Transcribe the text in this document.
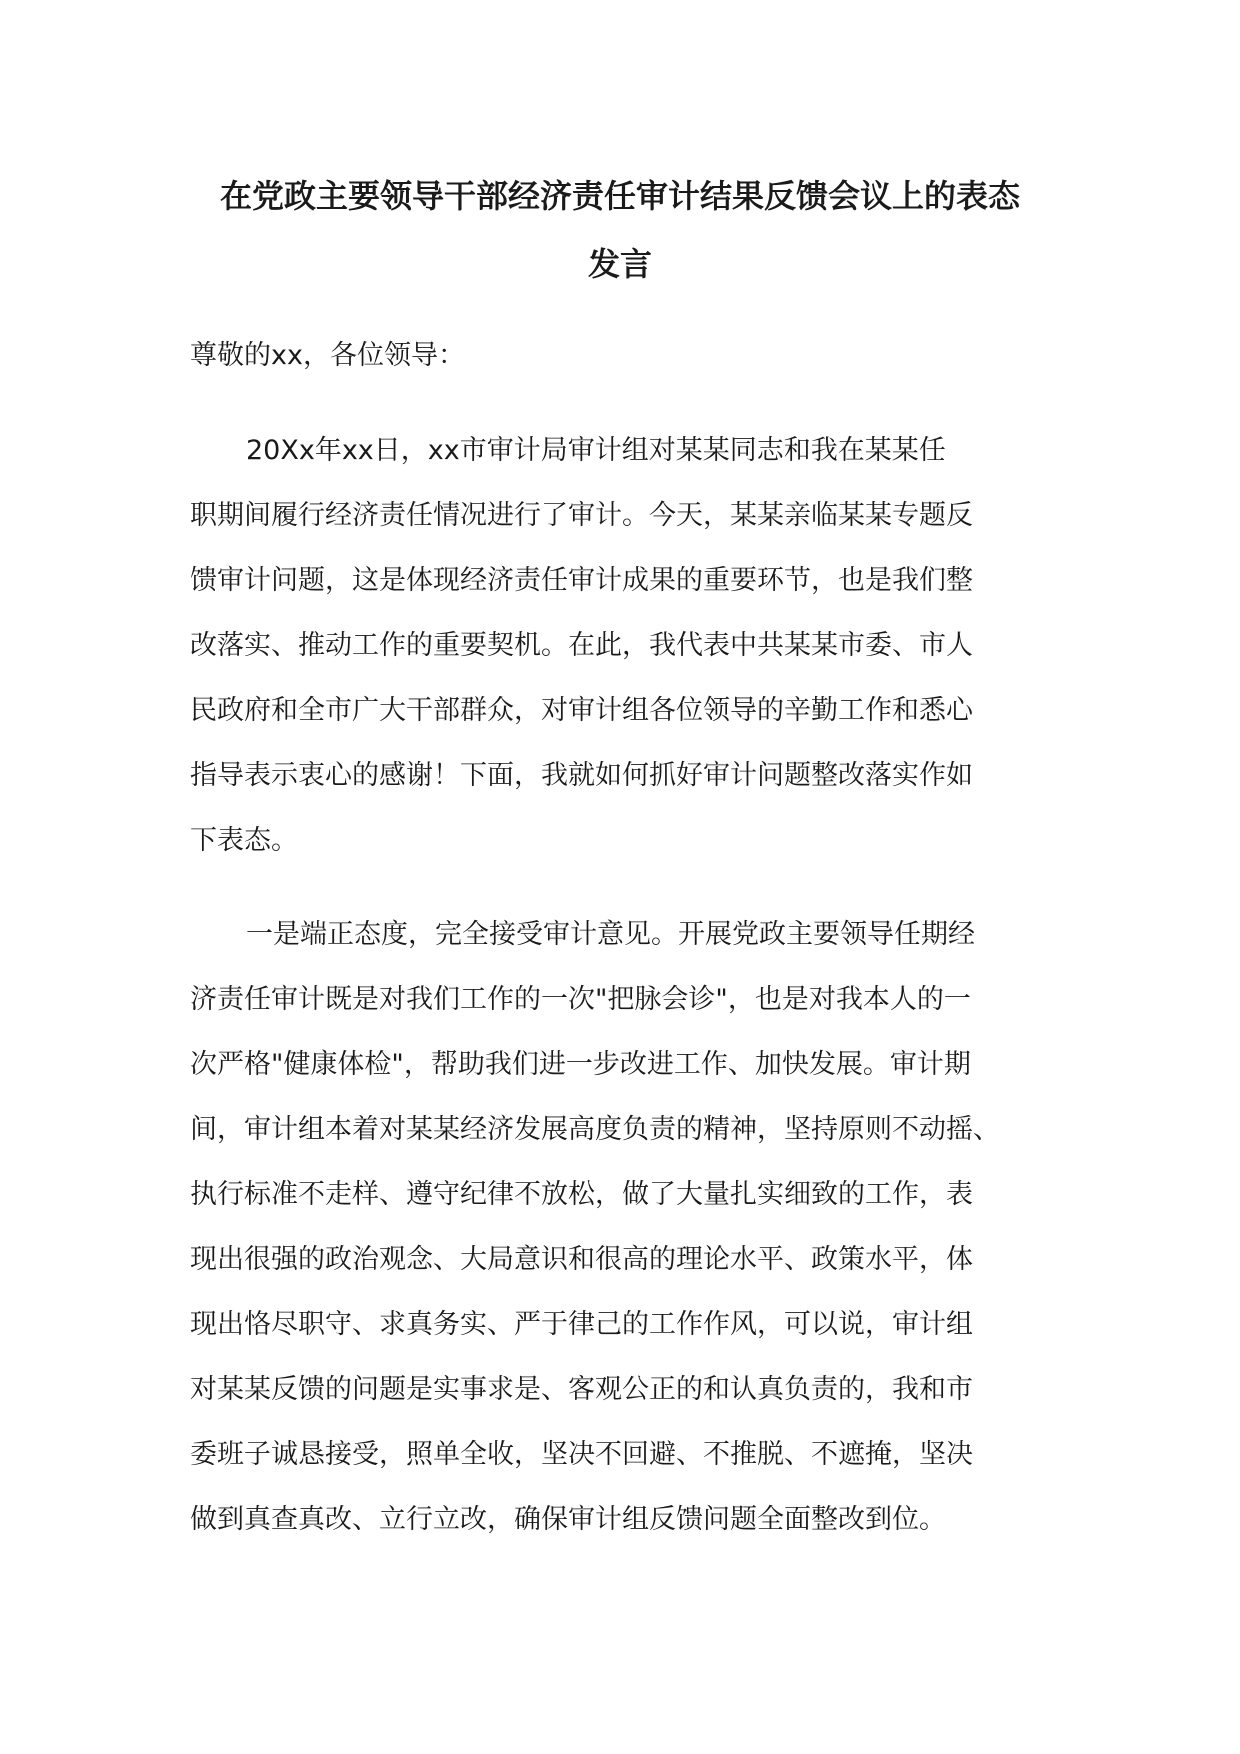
在党政主要领导干部经济责任审计结果反馈会议上的表态
发言
尊敬的xx，各位领导：
20Xx年xx日，xx市审计局审计组对某某同志和我在某某任
职期间履行经济责任情况进行了审计。今天，某某亲临某某专题反
馈审计问题，这是体现经济责任审计成果的重要环节，也是我们整
改落实、推动工作的重要契机。在此，我代表中共某某市委、市人
民政府和全市广大干部群众，对审计组各位领导的辛勤工作和悉心
指导表示衷心的感谢！下面，我就如何抓好审计问题整改落实作如
下表态。
一是端正态度，完全接受审计意见。开展党政主要领导任期经
济责任审计既是对我们工作的一次"把脉会诊"，也是对我本人的一
次严格"健康体检"，帮助我们进一步改进工作、加快发展。审计期
间，审计组本着对某某经济发展高度负责的精神，坚持原则不动摇、
执行标准不走样、遵守纪律不放松，做了大量扎实细致的工作，表
现出很强的政治观念、大局意识和很高的理论水平、政策水平，体
现出恪尽职守、求真务实、严于律己的工作作风，可以说，审计组
对某某反馈的问题是实事求是、客观公正的和认真负责的，我和市
委班子诚恳接受，照单全收，坚决不回避、不推脱、不遮掩，坚决
做到真查真改、立行立改，确保审计组反馈问题全面整改到位。
